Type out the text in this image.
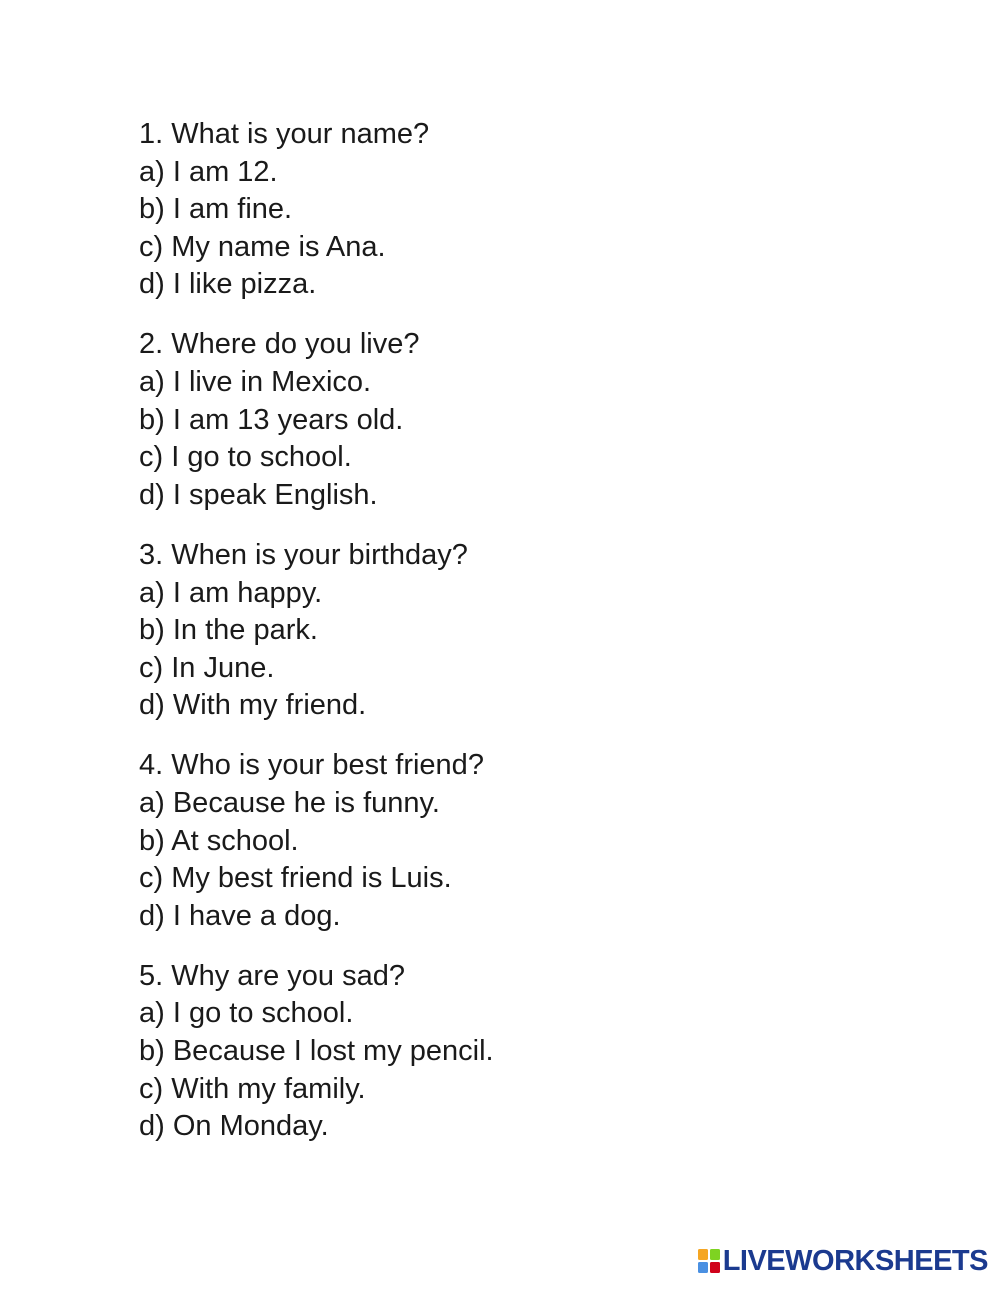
1. What is your name?

a) I am 12.

b) I am fine.

c) My name is Ana.

d) I like pizza.

2. Where do you live?

a) I live in Mexico.

b) I am 13 years old.

c) I go to school.

d) I speak English.

3. When is your birthday?

a) I am happy.

b) In the park.

c) In June.

d) With my friend.

4. Who is your best friend?

a) Because he is funny.

b) At school.

c) My best friend is Luis.

d) I have a dog.

5. Why are you sad?

a) I go to school.

b) Because I lost my pencil.

c) With my family.

d) On Monday.

LIVEWORKSHEETS
